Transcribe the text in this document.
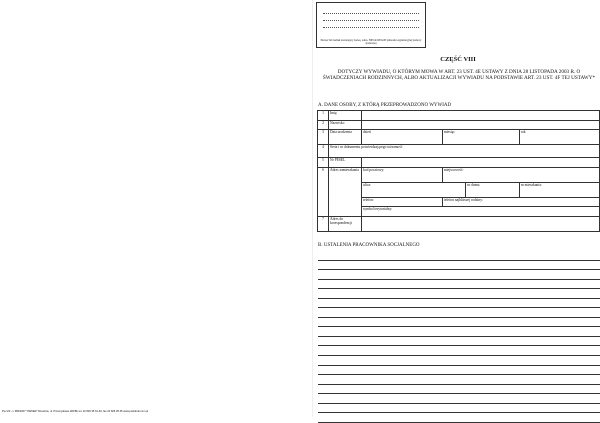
Pieczęć lub nadruk zawierający nazwę, adres, NIP lub REGON jednostki organizacyjnej pomocy społecznej
CZĘŚĆ VIII
DOTYCZY WYWIADU, O KTÓRYM MOWA W ART. 23 UST. 4E USTAWY Z DNIA 28 LISTOPADA 2003 R. O ŚWIADCZENIACH RODZINNYCH, ALBO AKTUALIZACJI WYWIADU NA PODSTAWIE ART. 23 UST. 4F TEJ USTAWY*
A. DANE OSOBY, Z KTÓRĄ PRZEPROWADZONO WYWIAD
1	Imię				
2	Nazwisko				
3	Data urodzenia	dzień	miesiąc		rok
4	Seria i nr dokumentu potwierdzającego tożsamość				
5	Nr PESEL				
6	Adres zamieszkania	kod pocztowy:	miejscowość:		
		ulica:		nr domu:	nr mieszkania:
		telefon:	telefon najbliższej rodziny:		
		symbol terytorialny:			
7	Adres do korespondencji				
B. USTALENIA PRACOWNIKA SOCJALNEGO
Pw-VIII - L 386/2007 "PAPIER" Rzeszów, ul. Przemysłowa 11D/BL tel. 22 826 35 61-63, fax 22 826 35 45 www.pwlodruk.com.pl
